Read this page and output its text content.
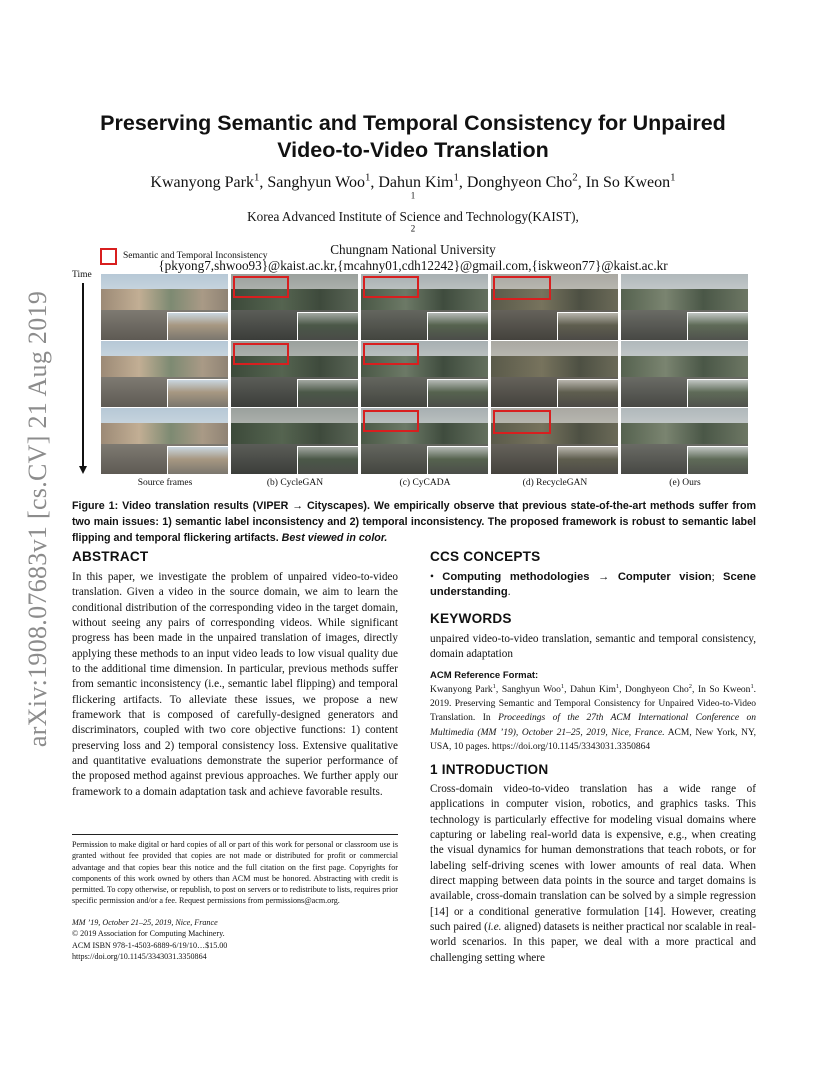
arXiv:1908.07683v1 [cs.CV] 21 Aug 2019
Preserving Semantic and Temporal Consistency for Unpaired
Video-to-Video Translation
Kwanyong Park$^1$, Sanghyun Woo$^1$, Dahun Kim$^1$, Donghyeon Cho$^2$, In So Kweon$^1$
$^1$
Korea Advanced Institute of Science and Technology(KAIST),
$^2$
Chungnam National University
{pkyong7,shwoo93}@kaist.ac.kr,{mcahny01,cdh12242}@gmail.com,{iskweon77}@kaist.ac.kr
Semantic and Temporal Inconsistency
Time
Source frames	(b) CycleGAN	(c) CyCADA	(d) RecycleGAN	(e) Ours

Figure 1: Video translation results (VIPER → Cityscapes). We empirically observe that previous state-of-the-art methods suffer from two main issues: 1) semantic label inconsistency and 2) temporal inconsistency. The proposed framework is robust to semantic label flipping and temporal flickering artifacts. Best viewed in color.

ABSTRACT

In this paper, we investigate the problem of unpaired video-to-video translation. Given a video in the source domain, we aim to learn the conditional distribution of the corresponding video in the target domain, without seeing any pairs of corresponding videos. While significant progress has been made in the unpaired translation of images, directly applying these methods to an input video leads to low visual quality due to the additional time dimension. In particular, previous methods suffer from semantic inconsistency (i.e., semantic label flipping) and temporal flickering artifacts. To alleviate these issues, we propose a new framework that is composed of carefully-designed generators and discriminators, coupled with two core objective functions: 1) content preserving loss and 2) temporal consistency loss. Extensive qualitative and quantitative evaluations demonstrate the superior performance of the proposed method against previous approaches. We further apply our framework to a domain adaptation task and achieve favorable results.

CCS CONCEPTS

• Computing methodologies → Computer vision; Scene understanding.

KEYWORDS

unpaired video-to-video translation, semantic and temporal consistency, domain adaptation

ACM Reference Format:

Kwanyong Park$^1$, Sanghyun Woo$^1$, Dahun Kim$^1$, Donghyeon Cho$^2$, In So Kweon$^1$. 2019. Preserving Semantic and Temporal Consistency for Unpaired Video-to-Video Translation. In Proceedings of the 27th ACM International Conference on Multimedia (MM ’19), October 21–25, 2019, Nice, France. ACM, New York, NY, USA, 10 pages. https://doi.org/10.1145/3343031.3350864

1 INTRODUCTION

Cross-domain video-to-video translation has a wide range of applications in computer vision, robotics, and graphics tasks. This technology is particularly effective for modeling visual domains where capturing or labeling real-world data is expensive, e.g., when creating the visual dynamics for human demonstrations that teach robots, or for labeling self-driving scenes with lower amounts of real data. When direct mapping between data points in the source and target domains is available, cross-domain translation can be solved by a simple regression [14] or a conditional generative formulation [14]. However, creating such paired (i.e. aligned) datasets is neither practical nor scalable in real-world scenarios. In this paper, we deal with a more practical and challenging setting where

Permission to make digital or hard copies of all or part of this work for personal or classroom use is granted without fee provided that copies are not made or distributed for profit or commercial advantage and that copies bear this notice and the full citation on the first page. Copyrights for components of this work owned by others than ACM must be honored. Abstracting with credit is permitted. To copy otherwise, or republish, to post on servers or to redistribute to lists, requires prior specific permission and/or a fee. Request permissions from permissions@acm.org.

MM ’19, October 21–25, 2019, Nice, France
© 2019 Association for Computing Machinery.
ACM ISBN 978-1-4503-6889-6/19/10…$15.00
https://doi.org/10.1145/3343031.3350864
